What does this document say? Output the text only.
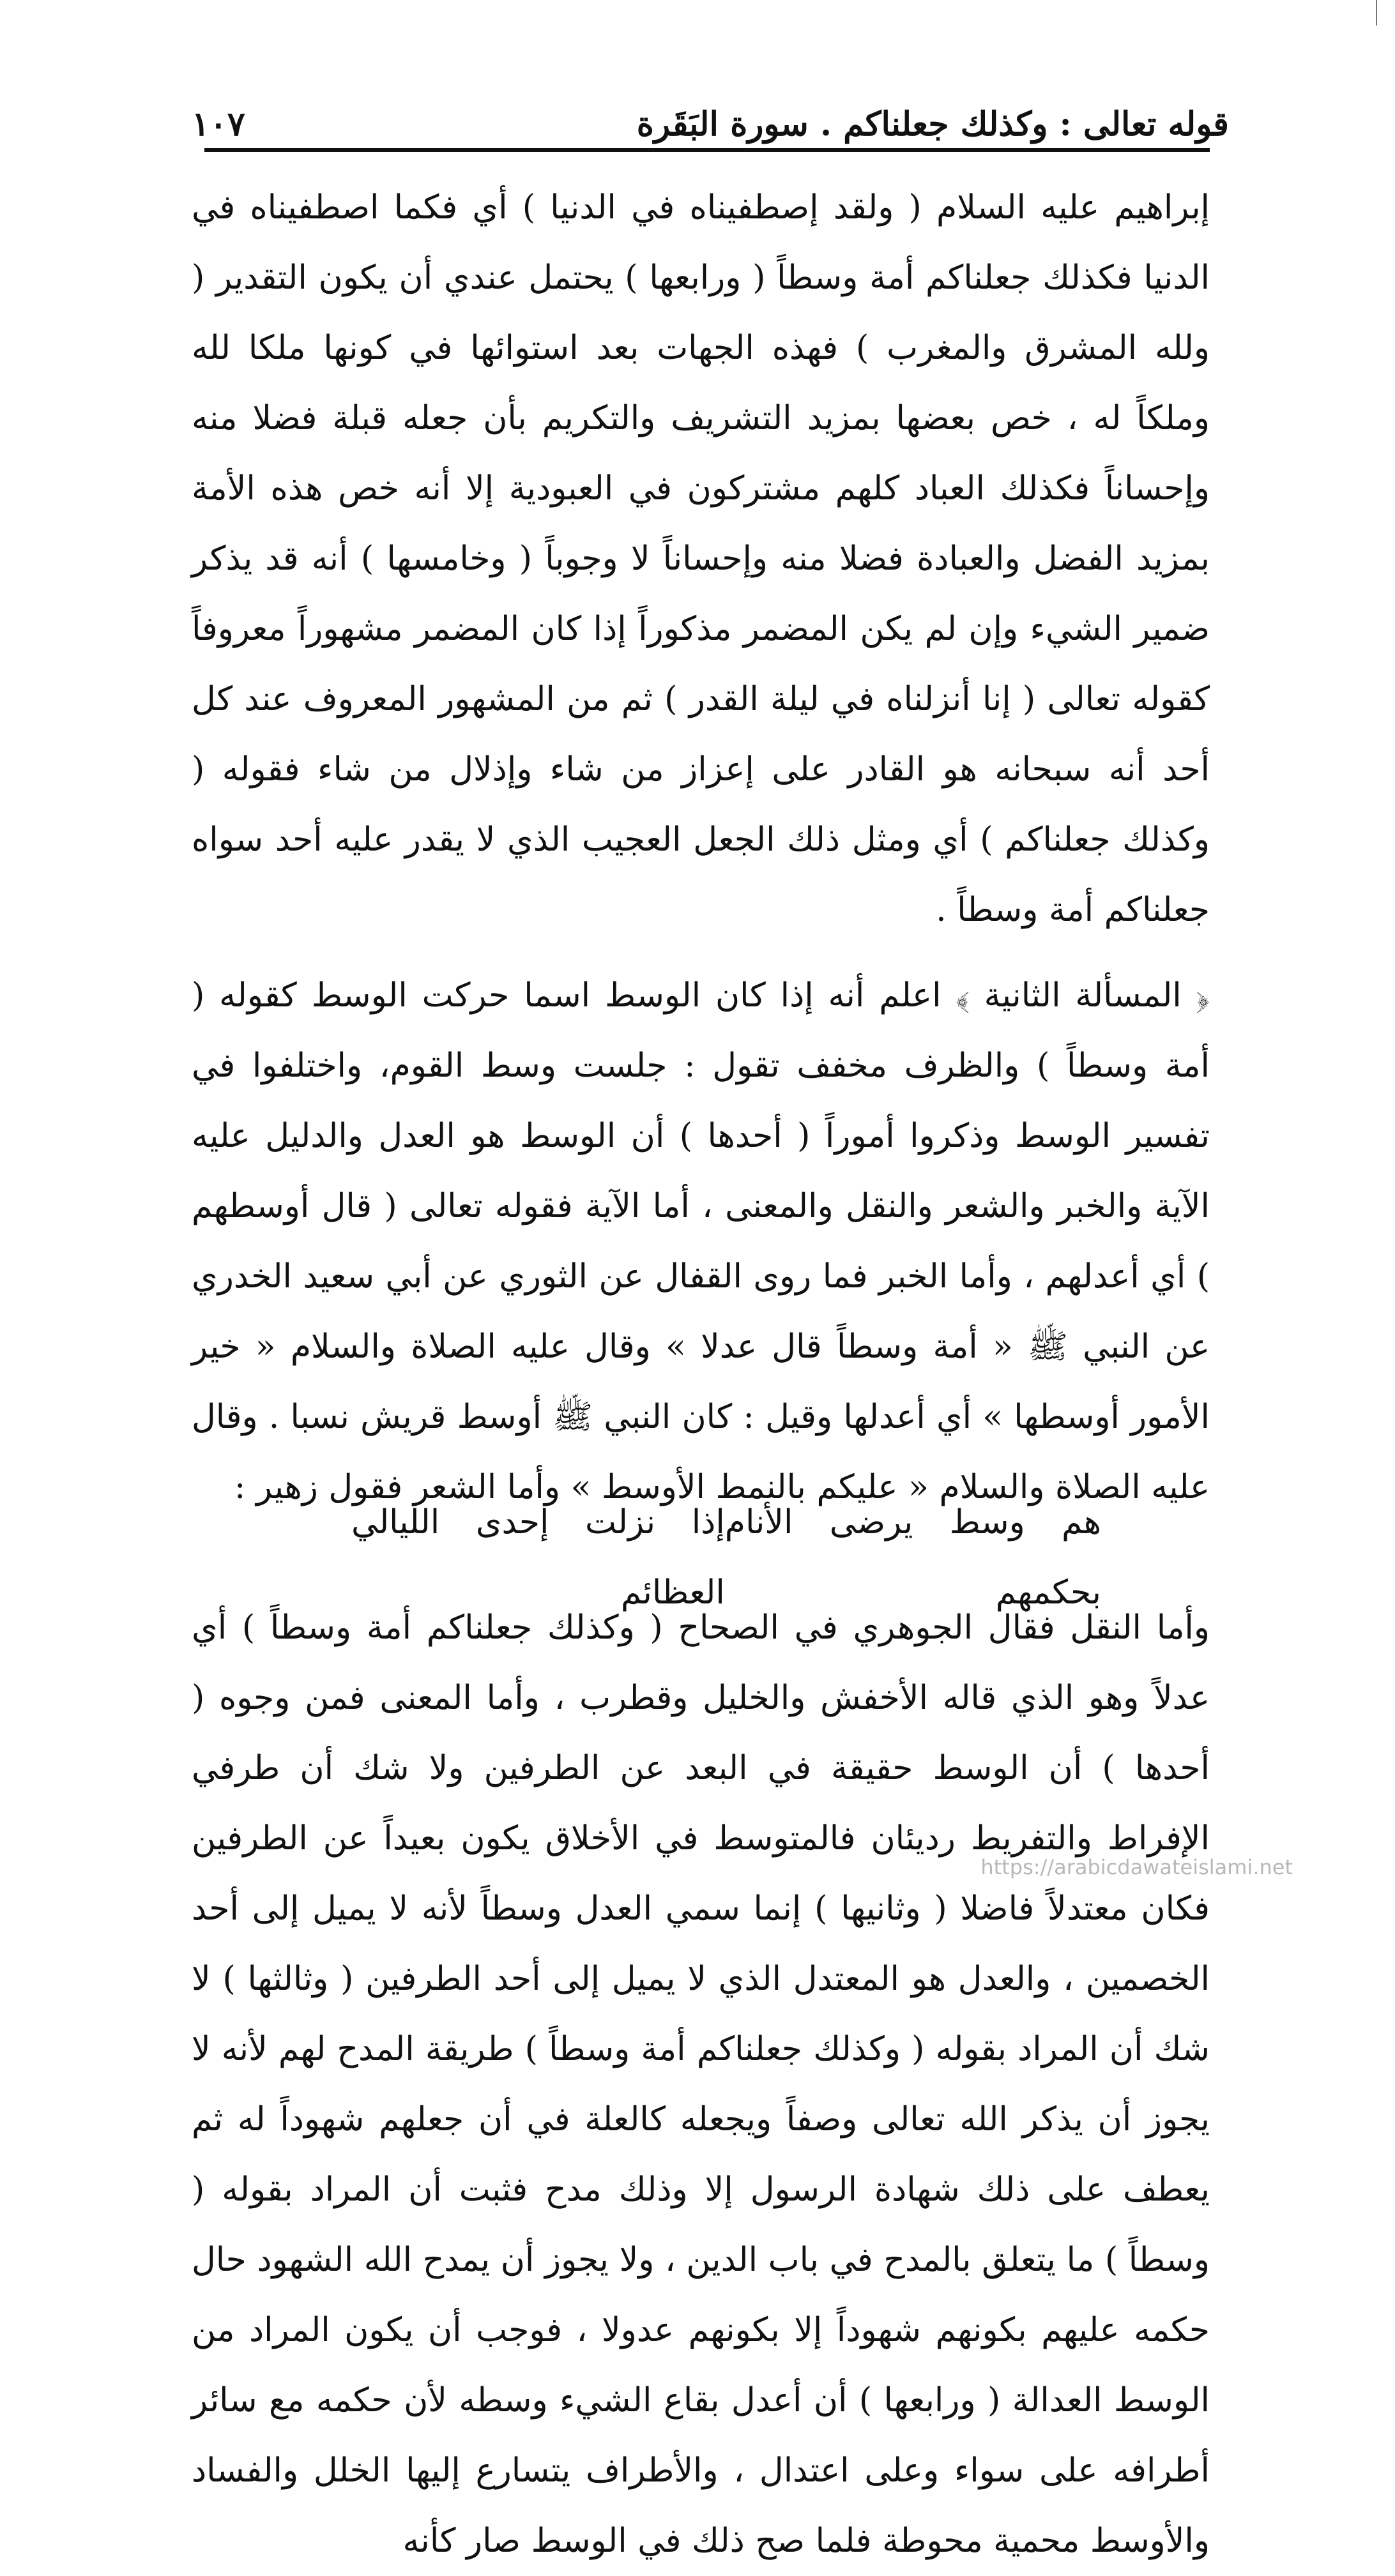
قوله تعالى : وكذلك جعلناكم . سورة البَقَرة
١٠٧

إبراهيم عليه السلام ( ولقد إصطفيناه في الدنيا ) أي فكما اصطفيناه في الدنيا فكذلك جعلناكم أمة وسطاً ( ورابعها ) يحتمل عندي أن يكون التقدير ( ولله المشرق والمغرب ) فهذه الجهات بعد استوائها في كونها ملكا لله وملكاً له ، خص بعضها بمزيد التشريف والتكريم بأن جعله قبلة فضلا منه وإحساناً فكذلك العباد كلهم مشتركون في العبودية إلا أنه خص هذه الأمة بمزيد الفضل والعبادة فضلا منه وإحساناً لا وجوباً ( وخامسها ) أنه قد يذكر ضمير الشيء وإن لم يكن المضمر مذكوراً إذا كان المضمر مشهوراً معروفاً كقوله تعالى ( إنا أنزلناه في ليلة القدر ) ثم من المشهور المعروف عند كل أحد أنه سبحانه هو القادر على إعزاز من شاء وإذلال من شاء فقوله ( وكذلك جعلناكم ) أي ومثل ذلك الجعل العجيب الذي لا يقدر عليه أحد سواه جعلناكم أمة وسطاً .

﴿ المسألة الثانية ﴾ اعلم أنه إذا كان الوسط اسما حركت الوسط كقوله ( أمة وسطاً ) والظرف مخفف تقول : جلست وسط القوم، واختلفوا في تفسير الوسط وذكروا أموراً ( أحدها ) أن الوسط هو العدل والدليل عليه الآية والخبر والشعر والنقل والمعنى ، أما الآية فقوله تعالى ( قال أوسطهم ) أي أعدلهم ، وأما الخبر فما روى القفال عن الثوري عن أبي سعيد الخدري عن النبي ﷺ « أمة وسطاً قال عدلا » وقال عليه الصلاة والسلام « خير الأمور أوسطها » أي أعدلها وقيل : كان النبي ﷺ أوسط قريش نسبا . وقال عليه الصلاة والسلام « عليكم بالنمط الأوسط » وأما الشعر فقول زهير :

هم وسط يرضى الأنام بحكمهم
إذا نزلت إحدى الليالي العظائم

وأما النقل فقال الجوهري في الصحاح ( وكذلك جعلناكم أمة وسطاً ) أي عدلاً وهو الذي قاله الأخفش والخليل وقطرب ، وأما المعنى فمن وجوه ( أحدها ) أن الوسط حقيقة في البعد عن الطرفين ولا شك أن طرفي الإفراط والتفريط رديئان فالمتوسط في الأخلاق يكون بعيداً عن الطرفين فكان معتدلاً فاضلا ( وثانيها ) إنما سمي العدل وسطاً لأنه لا يميل إلى أحد الخصمين ، والعدل هو المعتدل الذي لا يميل إلى أحد الطرفين ( وثالثها ) لا شك أن المراد بقوله ( وكذلك جعلناكم أمة وسطاً ) طريقة المدح لهم لأنه لا يجوز أن يذكر الله تعالى وصفاً ويجعله كالعلة في أن جعلهم شهوداً له ثم يعطف على ذلك شهادة الرسول إلا وذلك مدح فثبت أن المراد بقوله ( وسطاً ) ما يتعلق بالمدح في باب الدين ، ولا يجوز أن يمدح الله الشهود حال حكمه عليهم بكونهم شهوداً إلا بكونهم عدولا ، فوجب أن يكون المراد من الوسط العدالة ( ورابعها ) أن أعدل بقاع الشيء وسطه لأن حكمه مع سائر أطرافه على سواء وعلى اعتدال ، والأطراف يتسارع إليها الخلل والفساد والأوسط محمية محوطة فلما صح ذلك في الوسط صار كأنه

https://arabicdawateislami.net
